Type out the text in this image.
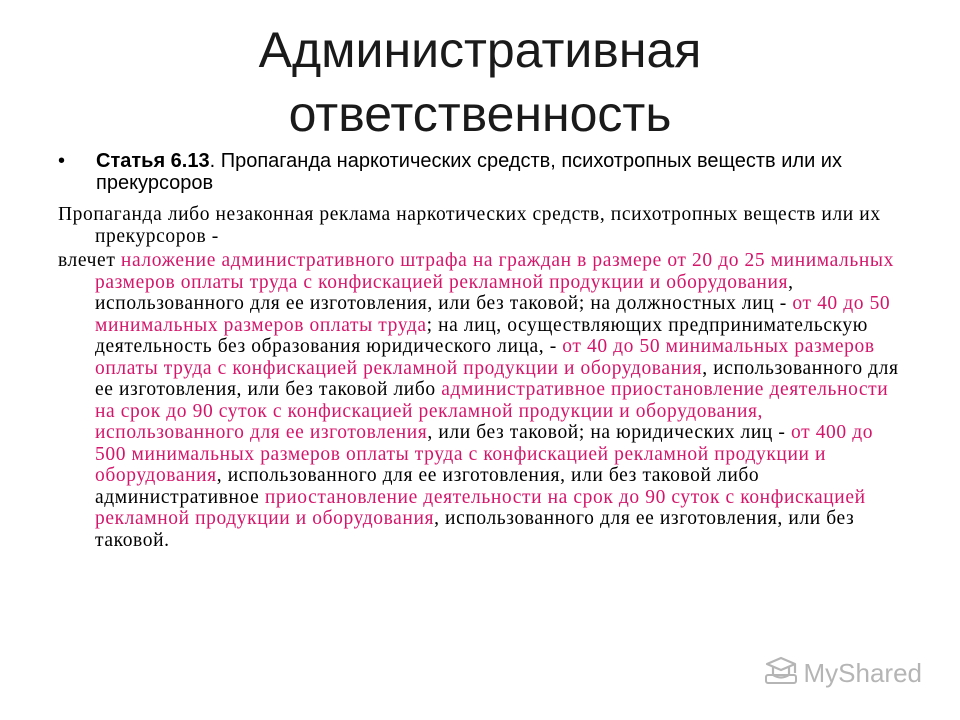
Административная
ответственность
• Статья 6.13. Пропаганда наркотических средств, психотропных веществ или их прекурсоров

Пропаганда либо незаконная реклама наркотических средств, психотропных веществ или их прекурсоров -

влечет наложение административного штрафа на граждан в размере от 20 до 25 минимальных размеров оплаты труда с конфискацией рекламной продукции и оборудования, использованного для ее изготовления, или без таковой; на должностных лиц - от 40 до 50 минимальных размеров оплаты труда; на лиц, осуществляющих предпринимательскую деятельность без образования юридического лица, - от 40 до 50 минимальных размеров оплаты труда с конфискацией рекламной продукции и оборудования, использованного для ее изготовления, или без таковой либо административное приостановление деятельности на срок до 90 суток с конфискацией рекламной продукции и оборудования, использованного для ее изготовления, или без таковой; на юридических лиц - от 400 до 500 минимальных размеров оплаты труда с конфискацией рекламной продукции и оборудования, использованного для ее изготовления, или без таковой либо административное приостановление деятельности на срок до 90 суток с конфискацией рекламной продукции и оборудования, использованного для ее изготовления, или без таковой.

MyShared
